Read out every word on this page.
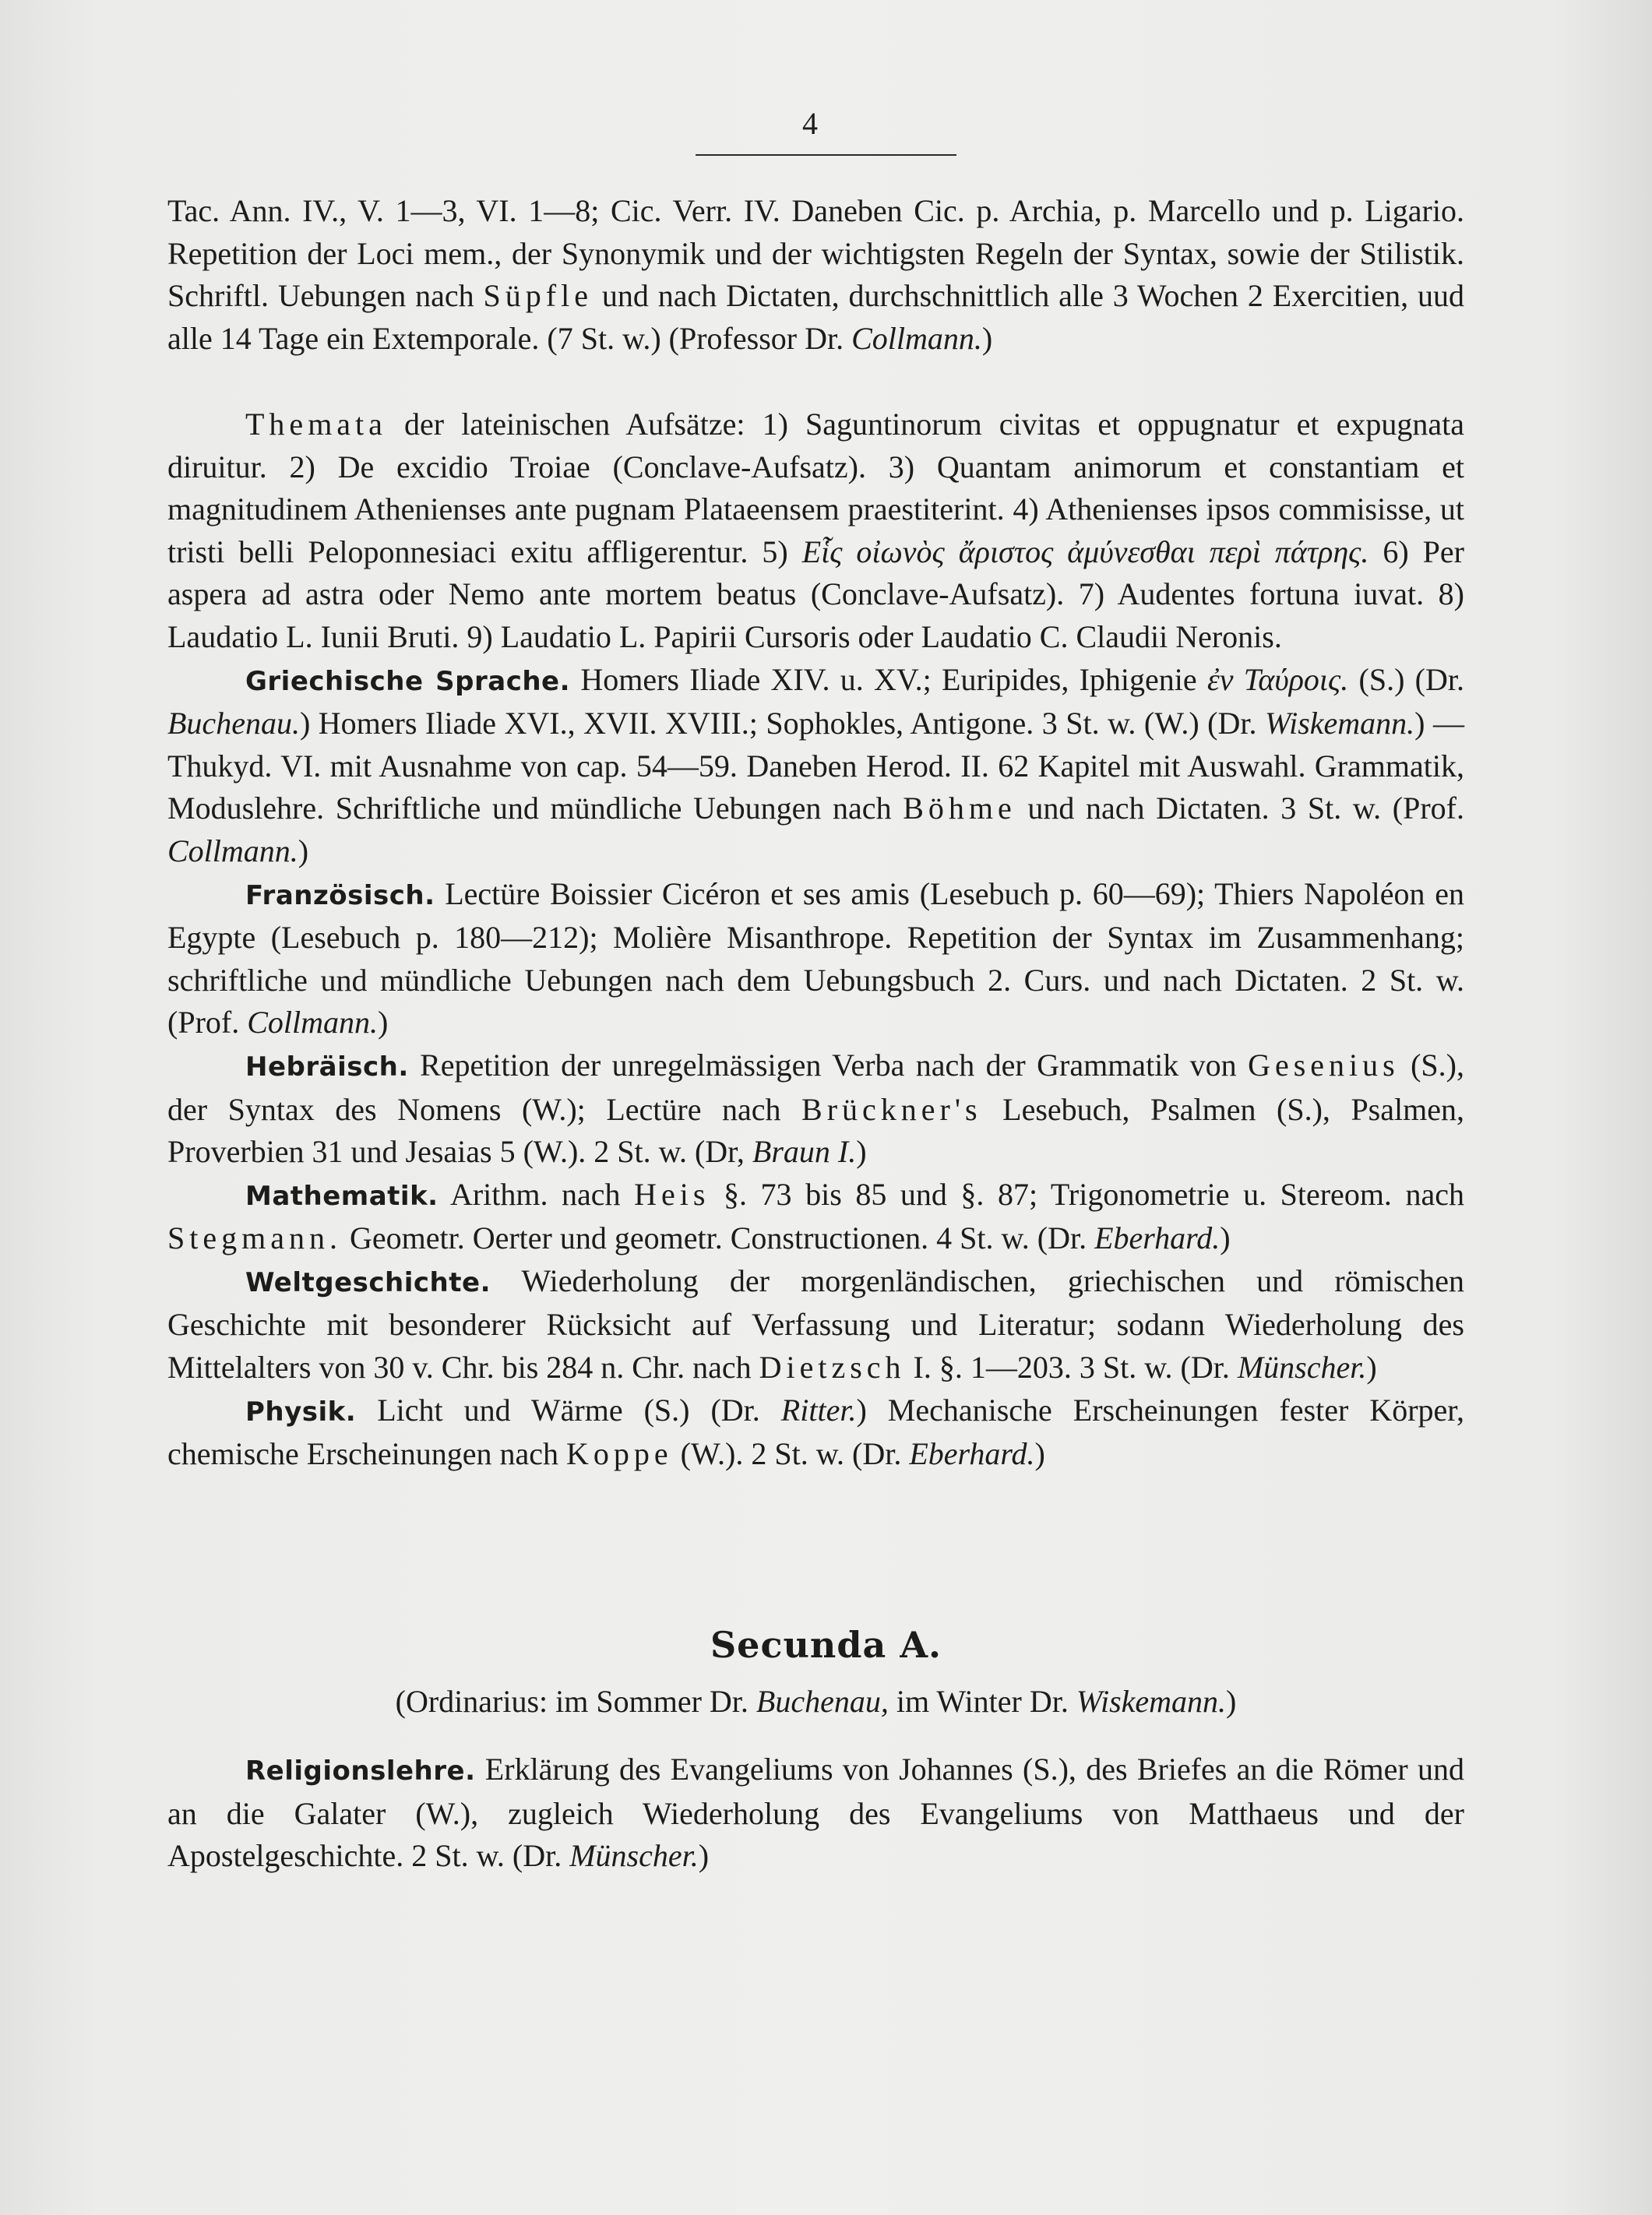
4

Tac. Ann. IV., V. 1—3, VI. 1—8; Cic. Verr. IV. Daneben Cic. p. Archia, p. Marcello und p. Ligario. Repetition der Loci mem., der Synonymik und der wichtigsten Regeln der Syntax, sowie der Stilistik. Schriftl. Uebungen nach Süpfle und nach Dictaten, durchschnittlich alle 3 Wochen 2 Exercitien, uud alle 14 Tage ein Extemporale. (7 St. w.) (Professor Dr. Collmann.)

Themata der lateinischen Aufsätze: 1) Saguntinorum civitas et oppugnatur et expugnata diruitur. 2) De excidio Troiae (Conclave-Aufsatz). 3) Quantam animorum et constantiam et magnitudinem Athenienses ante pugnam Plataeensem praestiterint. 4) Athenienses ipsos commisisse, ut tristi belli Peloponnesiaci exitu affligerentur. 5) Εἷς οἰωνὸς ἄριστος ἀμύνεσθαι περὶ πάτρης. 6) Per aspera ad astra oder Nemo ante mortem beatus (Conclave-Aufsatz). 7) Audentes fortuna iuvat. 8) Laudatio L. Iunii Bruti. 9) Laudatio L. Papirii Cursoris oder Laudatio C. Claudii Neronis.

Griechische Sprache. Homers Iliade XIV. u. XV.; Euripides, Iphigenie ἐν Ταύροις. (S.) (Dr. Buchenau.) Homers Iliade XVI., XVII. XVIII.; Sophokles, Antigone. 3 St. w. (W.) (Dr. Wiskemann.) — Thukyd. VI. mit Ausnahme von cap. 54—59. Daneben Herod. II. 62 Kapitel mit Auswahl. Grammatik, Moduslehre. Schriftliche und mündliche Uebungen nach Böhme und nach Dictaten. 3 St. w. (Prof. Collmann.)

Französisch. Lectüre Boissier Cicéron et ses amis (Lesebuch p. 60—69); Thiers Napoléon en Egypte (Lesebuch p. 180—212); Molière Misanthrope. Repetition der Syntax im Zusammenhang; schriftliche und mündliche Uebungen nach dem Uebungsbuch 2. Curs. und nach Dictaten. 2 St. w. (Prof. Collmann.)

Hebräisch. Repetition der unregelmässigen Verba nach der Grammatik von Gesenius (S.), der Syntax des Nomens (W.); Lectüre nach Brückner's Lesebuch, Psalmen (S.), Psalmen, Proverbien 31 und Jesaias 5 (W.). 2 St. w. (Dr, Braun I.)

Mathematik. Arithm. nach Heis §. 73 bis 85 und §. 87; Trigonometrie u. Stereom. nach Stegmann. Geometr. Oerter und geometr. Constructionen. 4 St. w. (Dr. Eberhard.)

Weltgeschichte. Wiederholung der morgenländischen, griechischen und römischen Geschichte mit besonderer Rücksicht auf Verfassung und Literatur; sodann Wiederholung des Mittelalters von 30 v. Chr. bis 284 n. Chr. nach Dietzsch I. §. 1—203. 3 St. w. (Dr. Münscher.)

Physik. Licht und Wärme (S.) (Dr. Ritter.) Mechanische Erscheinungen fester Körper, chemische Erscheinungen nach Koppe (W.). 2 St. w. (Dr. Eberhard.)

Secunda A.
(Ordinarius: im Sommer Dr. Buchenau, im Winter Dr. Wiskemann.)

Religionslehre. Erklärung des Evangeliums von Johannes (S.), des Briefes an die Römer und an die Galater (W.), zugleich Wiederholung des Evangeliums von Matthaeus und der Apostelgeschichte. 2 St. w. (Dr. Münscher.)
